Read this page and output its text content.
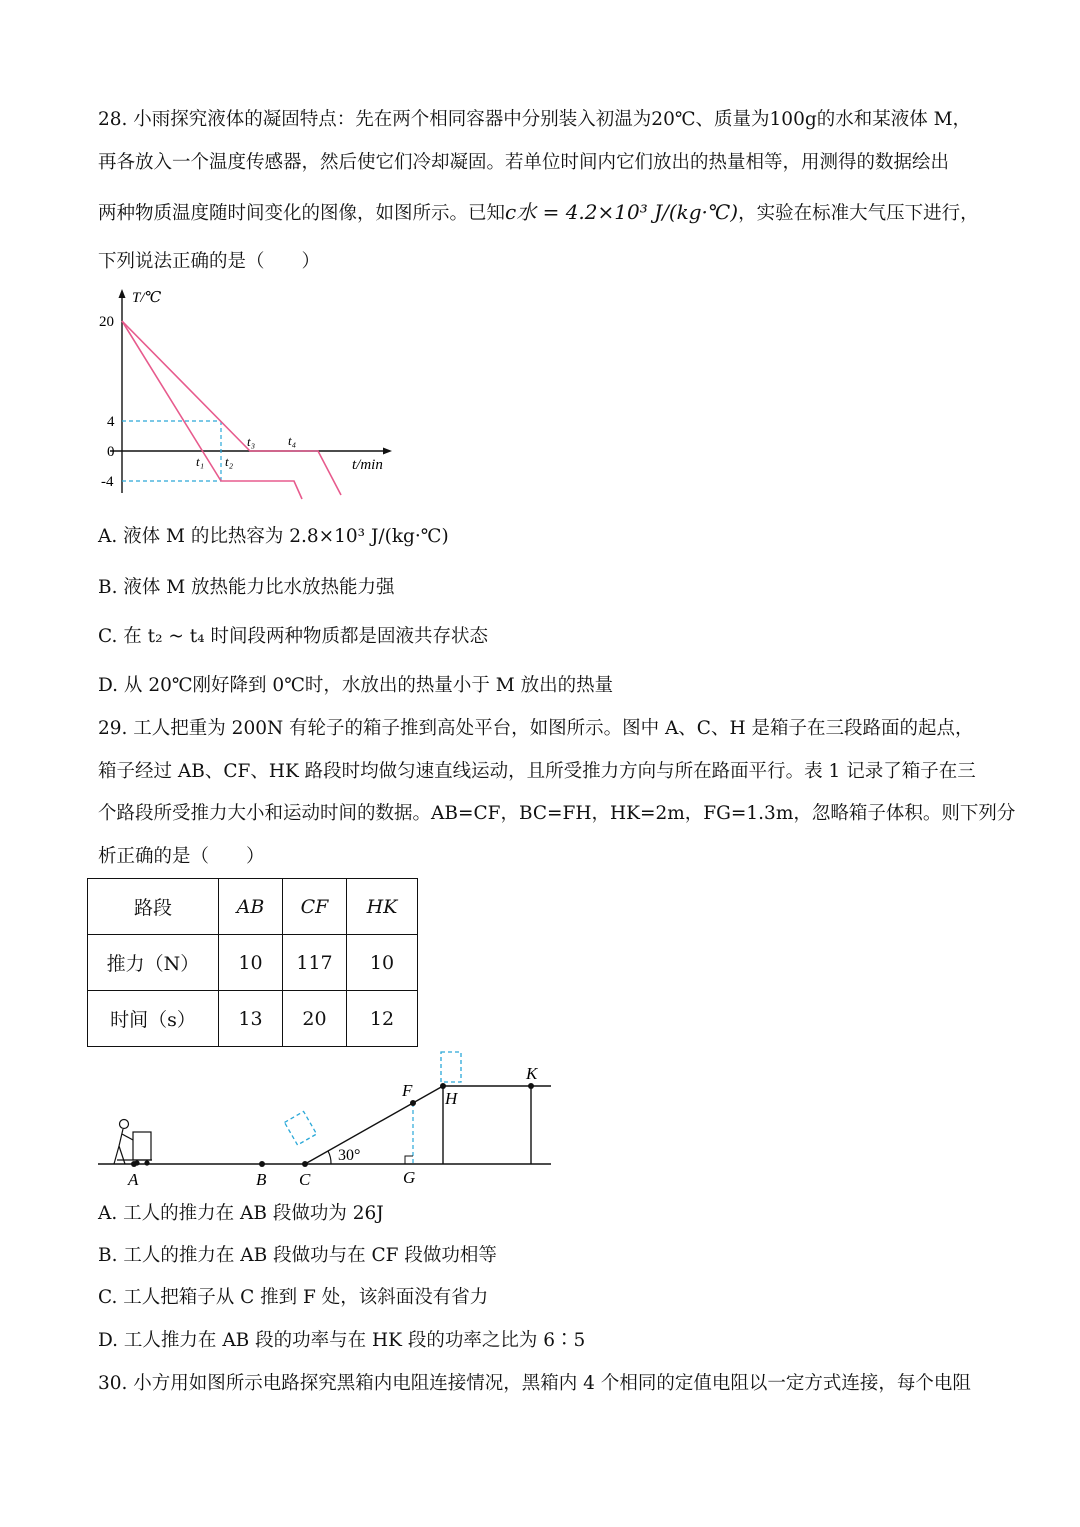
28. 小雨探究液体的凝固特点：先在两个相同容器中分别装入初温为20℃、质量为100g的水和某液体 M，
再各放入一个温度传感器，然后使它们冷却凝固。若单位时间内它们放出的热量相等，用测得的数据绘出
两种物质温度随时间变化的图像，如图所示。已知c水 = 4.2×10³ J/(kg·℃)，实验在标准大气压下进行，
下列说法正确的是（　　）
T/℃
t/min
20
4
0
-4
t₁ t₂
t₃	t₄
A. 液体 M 的比热容为 2.8×10³ J/(kg·℃)
B. 液体 M 放热能力比水放热能力强
C. 在 t₂ ~ t₄ 时间段两种物质都是固液共存状态
D. 从 20℃刚好降到 0℃时，水放出的热量小于 M 放出的热量
29. 工人把重为 200N 有轮子的箱子推到高处平台，如图所示。图中 A、C、H 是箱子在三段路面的起点，
箱子经过 AB、CF、HK 路段时均做匀速直线运动，且所受推力方向与所在路面平行。表 1 记录了箱子在三
个路段所受推力大小和运动时间的数据。AB=CF，BC=FH，HK=2m，FG=1.3m，忽略箱子体积。则下列分
析正确的是（　　）
路段	AB	CF	HK
推力（N）	10	117	10
时间（s）	13	20	12
30°
A	B C	G
F H
K
A. 工人的推力在 AB 段做功为 26J
B. 工人的推力在 AB 段做功与在 CF 段做功相等
C. 工人把箱子从 C 推到 F 处，该斜面没有省力
D. 工人推力在 AB 段的功率与在 HK 段的功率之比为 6∶5
30. 小方用如图所示电路探究黑箱内电阻连接情况，黑箱内 4 个相同的定值电阻以一定方式连接，每个电阻
